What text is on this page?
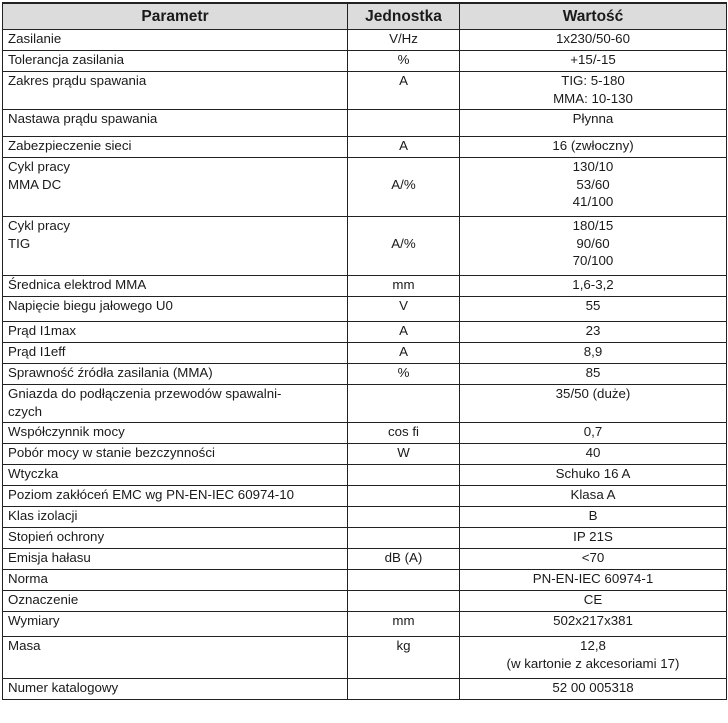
Parametr	Jednostka	Wartość

Zasilanie	V/Hz	1x230/50-60

Tolerancja zasilania	%	+15/-15

Zakres prądu spawania	A	TIG: 5-180
MMA: 10-130

Nastawa prądu spawania		Płynna

Zabezpieczenie sieci	A	16 (zwłoczny)

Cykl pracy
MMA DC	A/%	130/10
53/60
41/100

Cykl pracy
TIG	A/%	180/15
90/60
70/100

Średnica elektrod MMA	mm	1,6-3,2

Napięcie biegu jałowego U0	V	55

Prąd I1max	A	23

Prąd I1eff	A	8,9

Sprawność źródła zasilania (MMA)	%	85

Gniazda do podłączenia przewodów spawalni-
czych		35/50 (duże)

Współczynnik mocy	cos fi	0,7

Pobór mocy w stanie bezczynności	W	40

Wtyczka		Schuko 16 A

Poziom zakłóceń EMC wg PN-EN-IEC 60974-10		Klasa A

Klas izolacji		B

Stopień ochrony		IP 21S

Emisja hałasu	dB (A)	<70

Norma		PN-EN-IEC 60974-1

Oznaczenie		CE

Wymiary	mm	502x217x381

Masa	kg	12,8
(w kartonie z akcesoriami 17)

Numer katalogowy		52 00 005318
